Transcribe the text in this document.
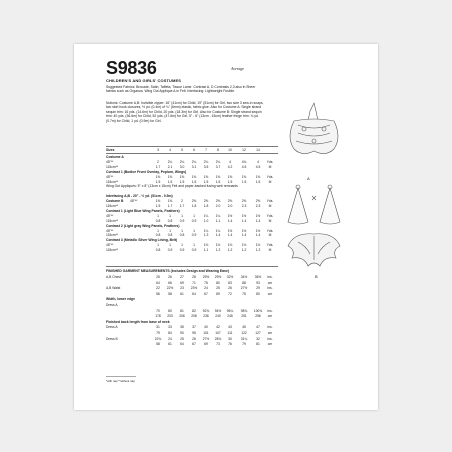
S9836	Average
CHILDREN'S AND GIRLS' COSTUMES
Suggested Fabrics: Brocade, Satin, Taffeta, Tissue Lame. Contrast A, D Contrasts 2,3 also in Sheer fabrics such as Organza. Wing Out Applique A in Felt. Interfacing: Lightweight Fusible.
Notions: Costume A,B: Invisible zipper: 16" (41cm) for Child, 19" (51cm) for Girl, two size 3 sew-in snaps, two skirt hook closures, ½ yd. (0.4m) of ¼" (6mm) elastic, fabric glue. Also for Costume A: Single strand sequin trim: 16 yds. (14.6m) for Child, 20 yds. (18.3m) for Girl. Also for Costume B: Single strand sequin trim: 40 yds. (36.6m) for Child, 52 yds. (47.6m) for Girl. 5" - 6" (13cm - 15cm) feather fringe trim: ¾ yd. (0.7m) for Child, 1 yd. (0.9m) for Girl.
A
B
Sizes	3	4	5	6	7	8	10	12	14
FINISHED GARMENT MEASUREMENTS (Includes Design and Wearing Ease)
*with nap **without nap
Costume A
45"**	2	2¼	2¼	2¼	2¼	2¼	4	4¾	4	Yds.
115cm**	1.7	2.1	3.0	3.1	3.5	3.7	4.2	4.5	4.5	M
Contrast 1 (Bodice Front Overlay, Peplum, Wings)
45"**	1⅝	1⅝	1⅝	1⅝	1⅝	1⅝	1⅝	1⅝	1⅝	Yds.
115cm**	1.5	1.5	1.5	1.5	1.5	1.5	1.5	1.5	1.5	M
Wing Out Appliqués: 5" x 8" (13cm x 15cm) Felt and paper-backed fusing web remnants
Interfacing A,B - 20" - ½ yd. (51cm - 0.5m)
Costume B 45"**	1⅝	1⅝	2	2⅝	2⅝	2⅝	2⅝	2⅝	2⅝	Yds.
115cm**	1.5	1.7	1.7	1.8	1.8	2.0	2.0	2.3	2.3	M
Contrast 1 (Light Blue Wing Panels, Feathers)
45"**	1	1	1	1	1¼	1¼	1½	1½	1½	Yds.
115cm**	0.8	0.8	0.9	0.9	1.0	1.1	1.4	1.4	1.4	M
Contrast 2 (Light gray Wing Panels, Feathers)
45"**	1	1	1	1	1¼	1¼	1½	1½	1½	Yds.
115cm**	0.8	0.8	0.8	0.9	1.3	1.4	1.4	1.4	1.4	M
Contrast 3 (Metallic Silver Wing Lining, Belt)
45"**	1	1	1	1	1⅛	1⅛	1⅛	1⅛	1⅛	Yds.
115cm**	0.8	0.9	0.9	0.9	1.1	1.2	1.2	1.2	1.2	M
A,B Chest	25	26	27	28	29½	29½	32½	34½	36½	ins.
64	66	69	71	75	80	83	88	93	cm
A,B Waist	22	22½	23	23½	24	25	26	27½	29	ins.
56	58	61	64	67	69	72	75	80	cm
Width, lower edge
Dress A
70	80	81	82	92¾	94½	96¼	98¾	100¾	ins.
178	203	206	208	236	240	245	251	256	cm
Finished back length from base of neck
Dress A	31	33	35	37	40	42	43	45	47	ins.
79	84	90	95	101	107	111	122	127	cm
Dress B	22¾	24	25	26	27½	28¾	30	31¼	32	ins.
58	61	64	67	69	73	76	79	81	cm
